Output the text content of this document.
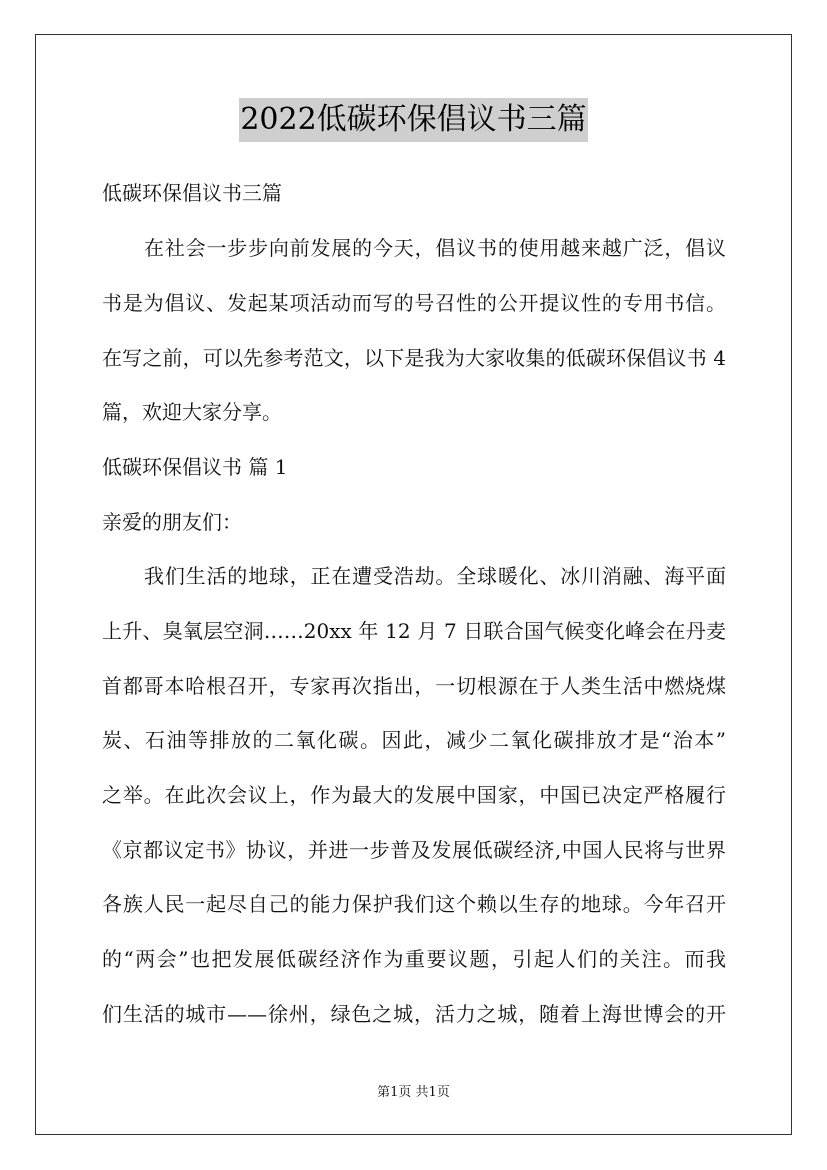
2022低碳环保倡议书三篇
低碳环保倡议书三篇
在社会一步步向前发展的今天，倡议书的使用越来越广泛，倡议
书是为倡议、发起某项活动而写的号召性的公开提议性的专用书信。
在写之前，可以先参考范文，以下是我为大家收集的低碳环保倡议书 4
篇，欢迎大家分享。
低碳环保倡议书 篇 1
亲爱的朋友们：
我们生活的地球，正在遭受浩劫。全球暖化、冰川消融、海平面
上升、臭氧层空洞……20xx 年 12 月 7 日联合国气候变化峰会在丹麦
首都哥本哈根召开，专家再次指出，一切根源在于人类生活中燃烧煤
炭、石油等排放的二氧化碳。因此，减少二氧化碳排放才是“治本”
之举。在此次会议上，作为最大的发展中国家，中国已决定严格履行
《京都议定书》协议，并进一步普及发展低碳经济,中国人民将与世界
各族人民一起尽自己的能力保护我们这个赖以生存的地球。今年召开
的“两会”也把发展低碳经济作为重要议题，引起人们的关注。而我
们生活的城市——徐州，绿色之城，活力之城，随着上海世博会的开
第1页 共1页
